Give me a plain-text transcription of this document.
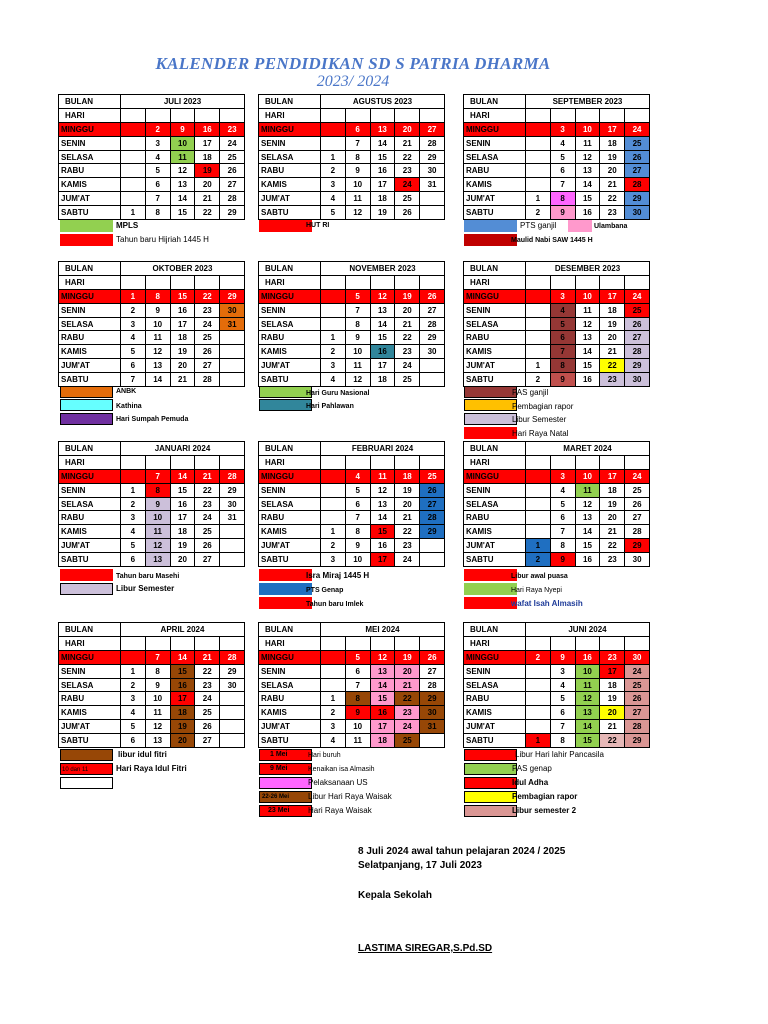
KALENDER PENDIDIKAN SD S PATRIA DHARMA
2023/ 2024
BULAN	JULI 2023				
HARI					
MINGGU		2	9	16	23
SENIN		3	10	17	24
SELASA		4	11	18	25
RABU		5	12	19	26
KAMIS		6	13	20	27
JUM'AT		7	14	21	28
SABTU	1	8	15	22	29
BULAN	AGUSTUS 2023				
HARI					
MINGGU		6	13	20	27
SENIN		7	14	21	28
SELASA	1	8	15	22	29
RABU	2	9	16	23	30
KAMIS	3	10	17	24	31
JUM'AT	4	11	18	25	
SABTU	5	12	19	26	
BULAN	SEPTEMBER 2023				
HARI					
MINGGU		3	10	17	24
SENIN		4	11	18	25
SELASA		5	12	19	26
RABU		6	13	20	27
KAMIS		7	14	21	28
JUM'AT	1	8	15	22	29
SABTU	2	9	16	23	30
BULAN	OKTOBER 2023				
HARI					
MINGGU	1	8	15	22	29
SENIN	2	9	16	23	30
SELASA	3	10	17	24	31
RABU	4	11	18	25	
KAMIS	5	12	19	26	
JUM'AT	6	13	20	27	
SABTU	7	14	21	28	
BULAN	NOVEMBER 2023				
HARI					
MINGGU		5	12	19	26
SENIN		7	13	20	27
SELASA		8	14	21	28
RABU	1	9	15	22	29
KAMIS	2	10	16	23	30
JUM'AT	3	11	17	24	
SABTU	4	12	18	25	
BULAN	DESEMBER 2023				
HARI					
MINGGU		3	10	17	24
SENIN		4	11	18	25
SELASA		5	12	19	26
RABU		6	13	20	27
KAMIS		7	14	21	28
JUM'AT	1	8	15	22	29
SABTU	2	9	16	23	30
BULAN	JANUARI 2024				
HARI					
MINGGU		7	14	21	28
SENIN	1	8	15	22	29
SELASA	2	9	16	23	30
RABU	3	10	17	24	31
KAMIS	4	11	18	25	
JUM'AT	5	12	19	26	
SABTU	6	13	20	27	
BULAN	FEBRUARI 2024				
HARI					
MINGGU		4	11	18	25
SENIN		5	12	19	26
SELASA		6	13	20	27
RABU		7	14	21	28
KAMIS	1	8	15	22	29
JUM'AT	2	9	16	23	
SABTU	3	10	17	24	
BULAN	MARET 2024				
HARI					
MINGGU		3	10	17	24
SENIN		4	11	18	25
SELASA		5	12	19	26
RABU		6	13	20	27
KAMIS		7	14	21	28
JUM'AT	1	8	15	22	29
SABTU	2	9	16	23	30
BULAN	APRIL 2024				
HARI					
MINGGU		7	14	21	28
SENIN	1	8	15	22	29
SELASA	2	9	16	23	30
RABU	3	10	17	24	
KAMIS	4	11	18	25	
JUM'AT	5	12	19	26	
SABTU	6	13	20	27	
BULAN	MEI 2024				
HARI					
MINGGU		5	12	19	26
SENIN		6	13	20	27
SELASA		7	14	21	28
RABU	1	8	15	22	29
KAMIS	2	9	16	23	30
JUM'AT	3	10	17	24	31
SABTU	4	11	18	25	
BULAN	JUNI 2024				
HARI					
MINGGU	2	9	16	23	30
SENIN		3	10	17	24
SELASA		4	11	18	25
RABU		5	12	19	26
KAMIS		6	13	20	27
JUM'AT		7	14	21	28
SABTU	1	8	15	22	29
MPLS
Tahun baru Hijriah 1445 H
HUT RI	PTS ganjil	Ulambana
Maulid Nabi SAW 1445 H
ANBK
Kathina
Hari Sumpah Pemuda
Hari Guru Nasional
Hari Pahlawan
PAS ganjil
Pembagian rapor
Libur Semester
Hari Raya Natal
Tahun baru Masehi
Libur Semester
Isra Miraj 1445 H
PTS Genap
Tahun baru Imlek
Libur awal puasa
Hari Raya Nyepi
wafat Isah Almasih
libur idul fitri
10 dan 11	Hari Raya Idul Fitri
1 Mei	Hari buruh
9 Mei	Kenaikan isa Almasih
Pelaksanaan US
22-26 Mei Libur Hari Raya Waisak
23 Mei Hari Raya Waisak
Libur Hari lahir Pancasila
PAS genap
Idul Adha
Pembagian rapor
Libur semester 2
8 Juli 2024 awal tahun pelajaran 2024 / 2025
Selatpanjang, 17 Juli 2023
Kepala Sekolah
LASTIMA SIREGAR,S.Pd.SD
